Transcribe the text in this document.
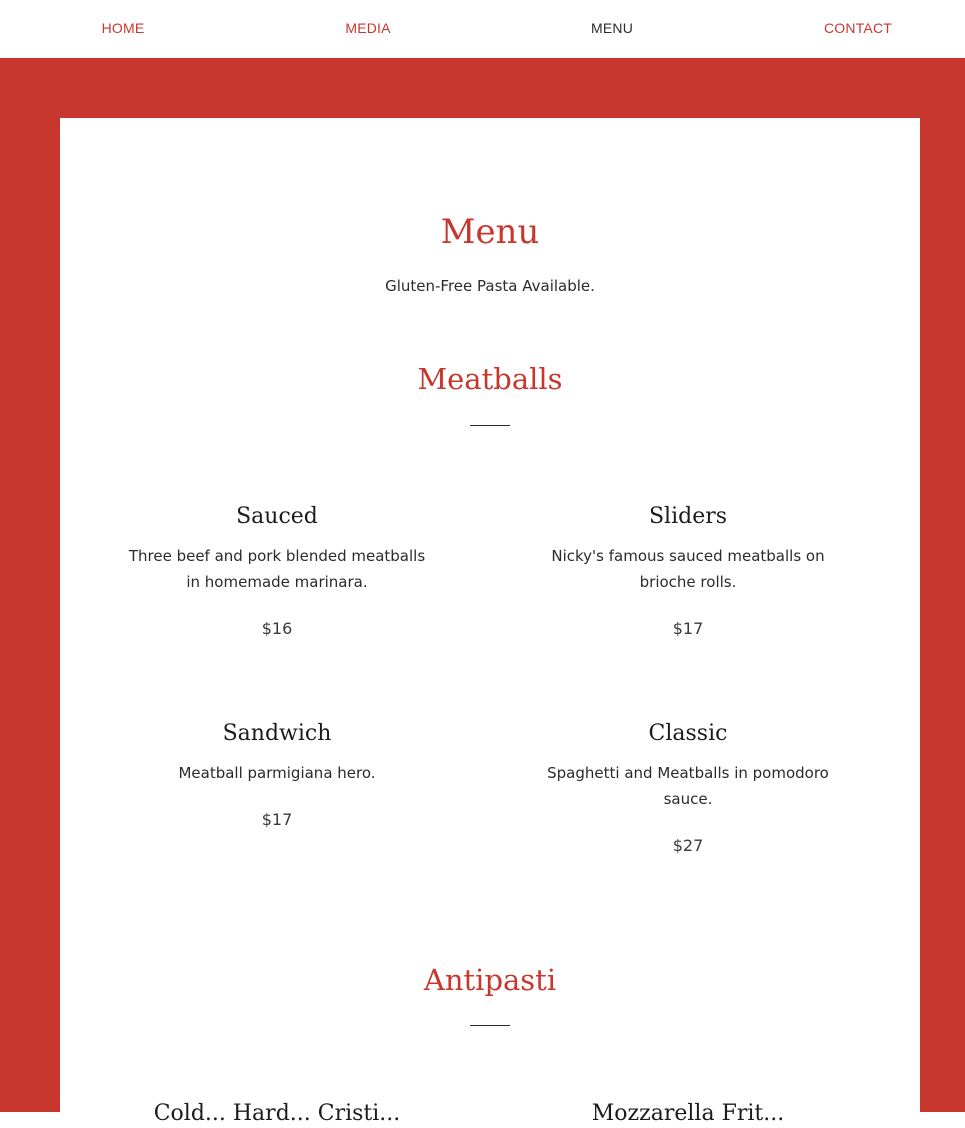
HOME	MEDIA	MENU	CONTACT
Menu
Gluten-Free Pasta Available.
Meatballs
Sauced
Three beef and pork blended meatballs in homemade marinara.
$16
Sliders
Nicky's famous sauced meatballs on brioche rolls.
$17
Sandwich
Meatball parmigiana hero.
$17
Classic
Spaghetti and Meatballs in pomodoro sauce.
$27
Antipasti
Cold... Hard... Cristi...	Mozzarella Frit...
